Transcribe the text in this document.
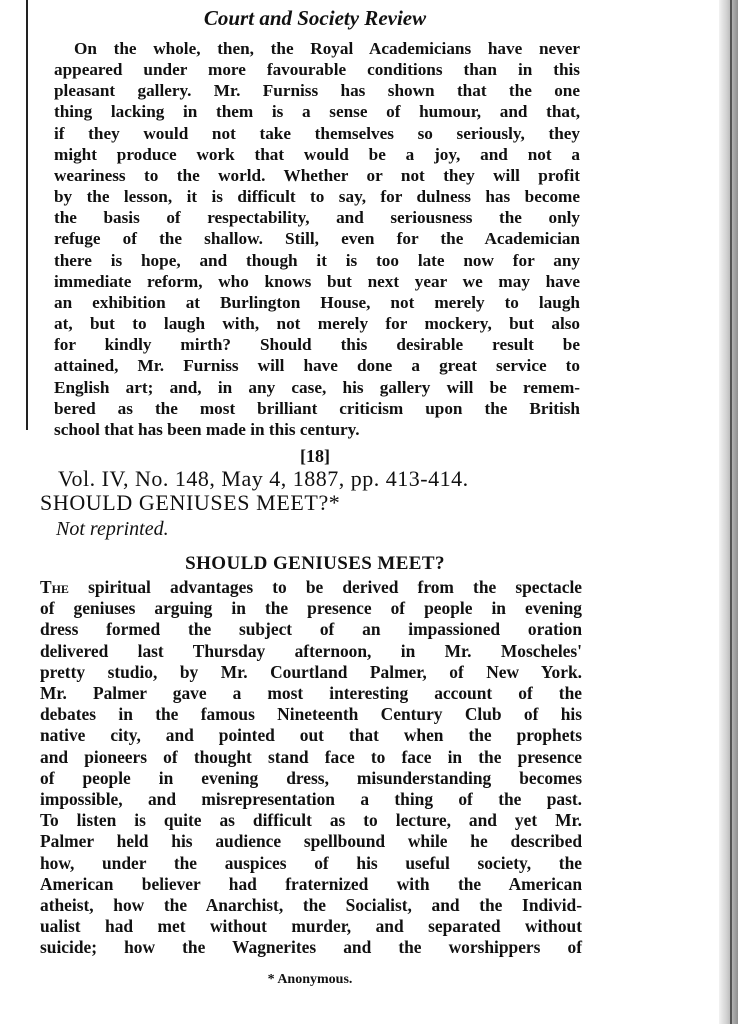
Court and Society Review
On the whole, then, the Royal Academicians have never
appeared under more favourable conditions than in this
pleasant gallery. Mr. Furniss has shown that the one
thing lacking in them is a sense of humour, and that,
if they would not take themselves so seriously, they
might produce work that would be a joy, and not a
weariness to the world. Whether or not they will profit
by the lesson, it is difficult to say, for dulness has become
the basis of respectability, and seriousness the only
refuge of the shallow. Still, even for the Academician
there is hope, and though it is too late now for any
immediate reform, who knows but next year we may have
an exhibition at Burlington House, not merely to laugh
at, but to laugh with, not merely for mockery, but also
for kindly mirth? Should this desirable result be
attained, Mr. Furniss will have done a great service to
English art; and, in any case, his gallery will be remem-
bered as the most brilliant criticism upon the British
school that has been made in this century.
[18]
Vol. IV, No. 148, May 4, 1887, pp. 413-414.
SHOULD GENIUSES MEET?*
Not reprinted.
SHOULD GENIUSES MEET?
The spiritual advantages to be derived from the spectacle
of geniuses arguing in the presence of people in evening
dress formed the subject of an impassioned oration
delivered last Thursday afternoon, in Mr. Moscheles'
pretty studio, by Mr. Courtland Palmer, of New York.
Mr. Palmer gave a most interesting account of the
debates in the famous Nineteenth Century Club of his
native city, and pointed out that when the prophets
and pioneers of thought stand face to face in the presence
of people in evening dress, misunderstanding becomes
impossible, and misrepresentation a thing of the past.
To listen is quite as difficult as to lecture, and yet Mr.
Palmer held his audience spellbound while he described
how, under the auspices of his useful society, the
American believer had fraternized with the American
atheist, how the Anarchist, the Socialist, and the Individ-
ualist had met without murder, and separated without
suicide; how the Wagnerites and the worshippers of
* Anonymous.
